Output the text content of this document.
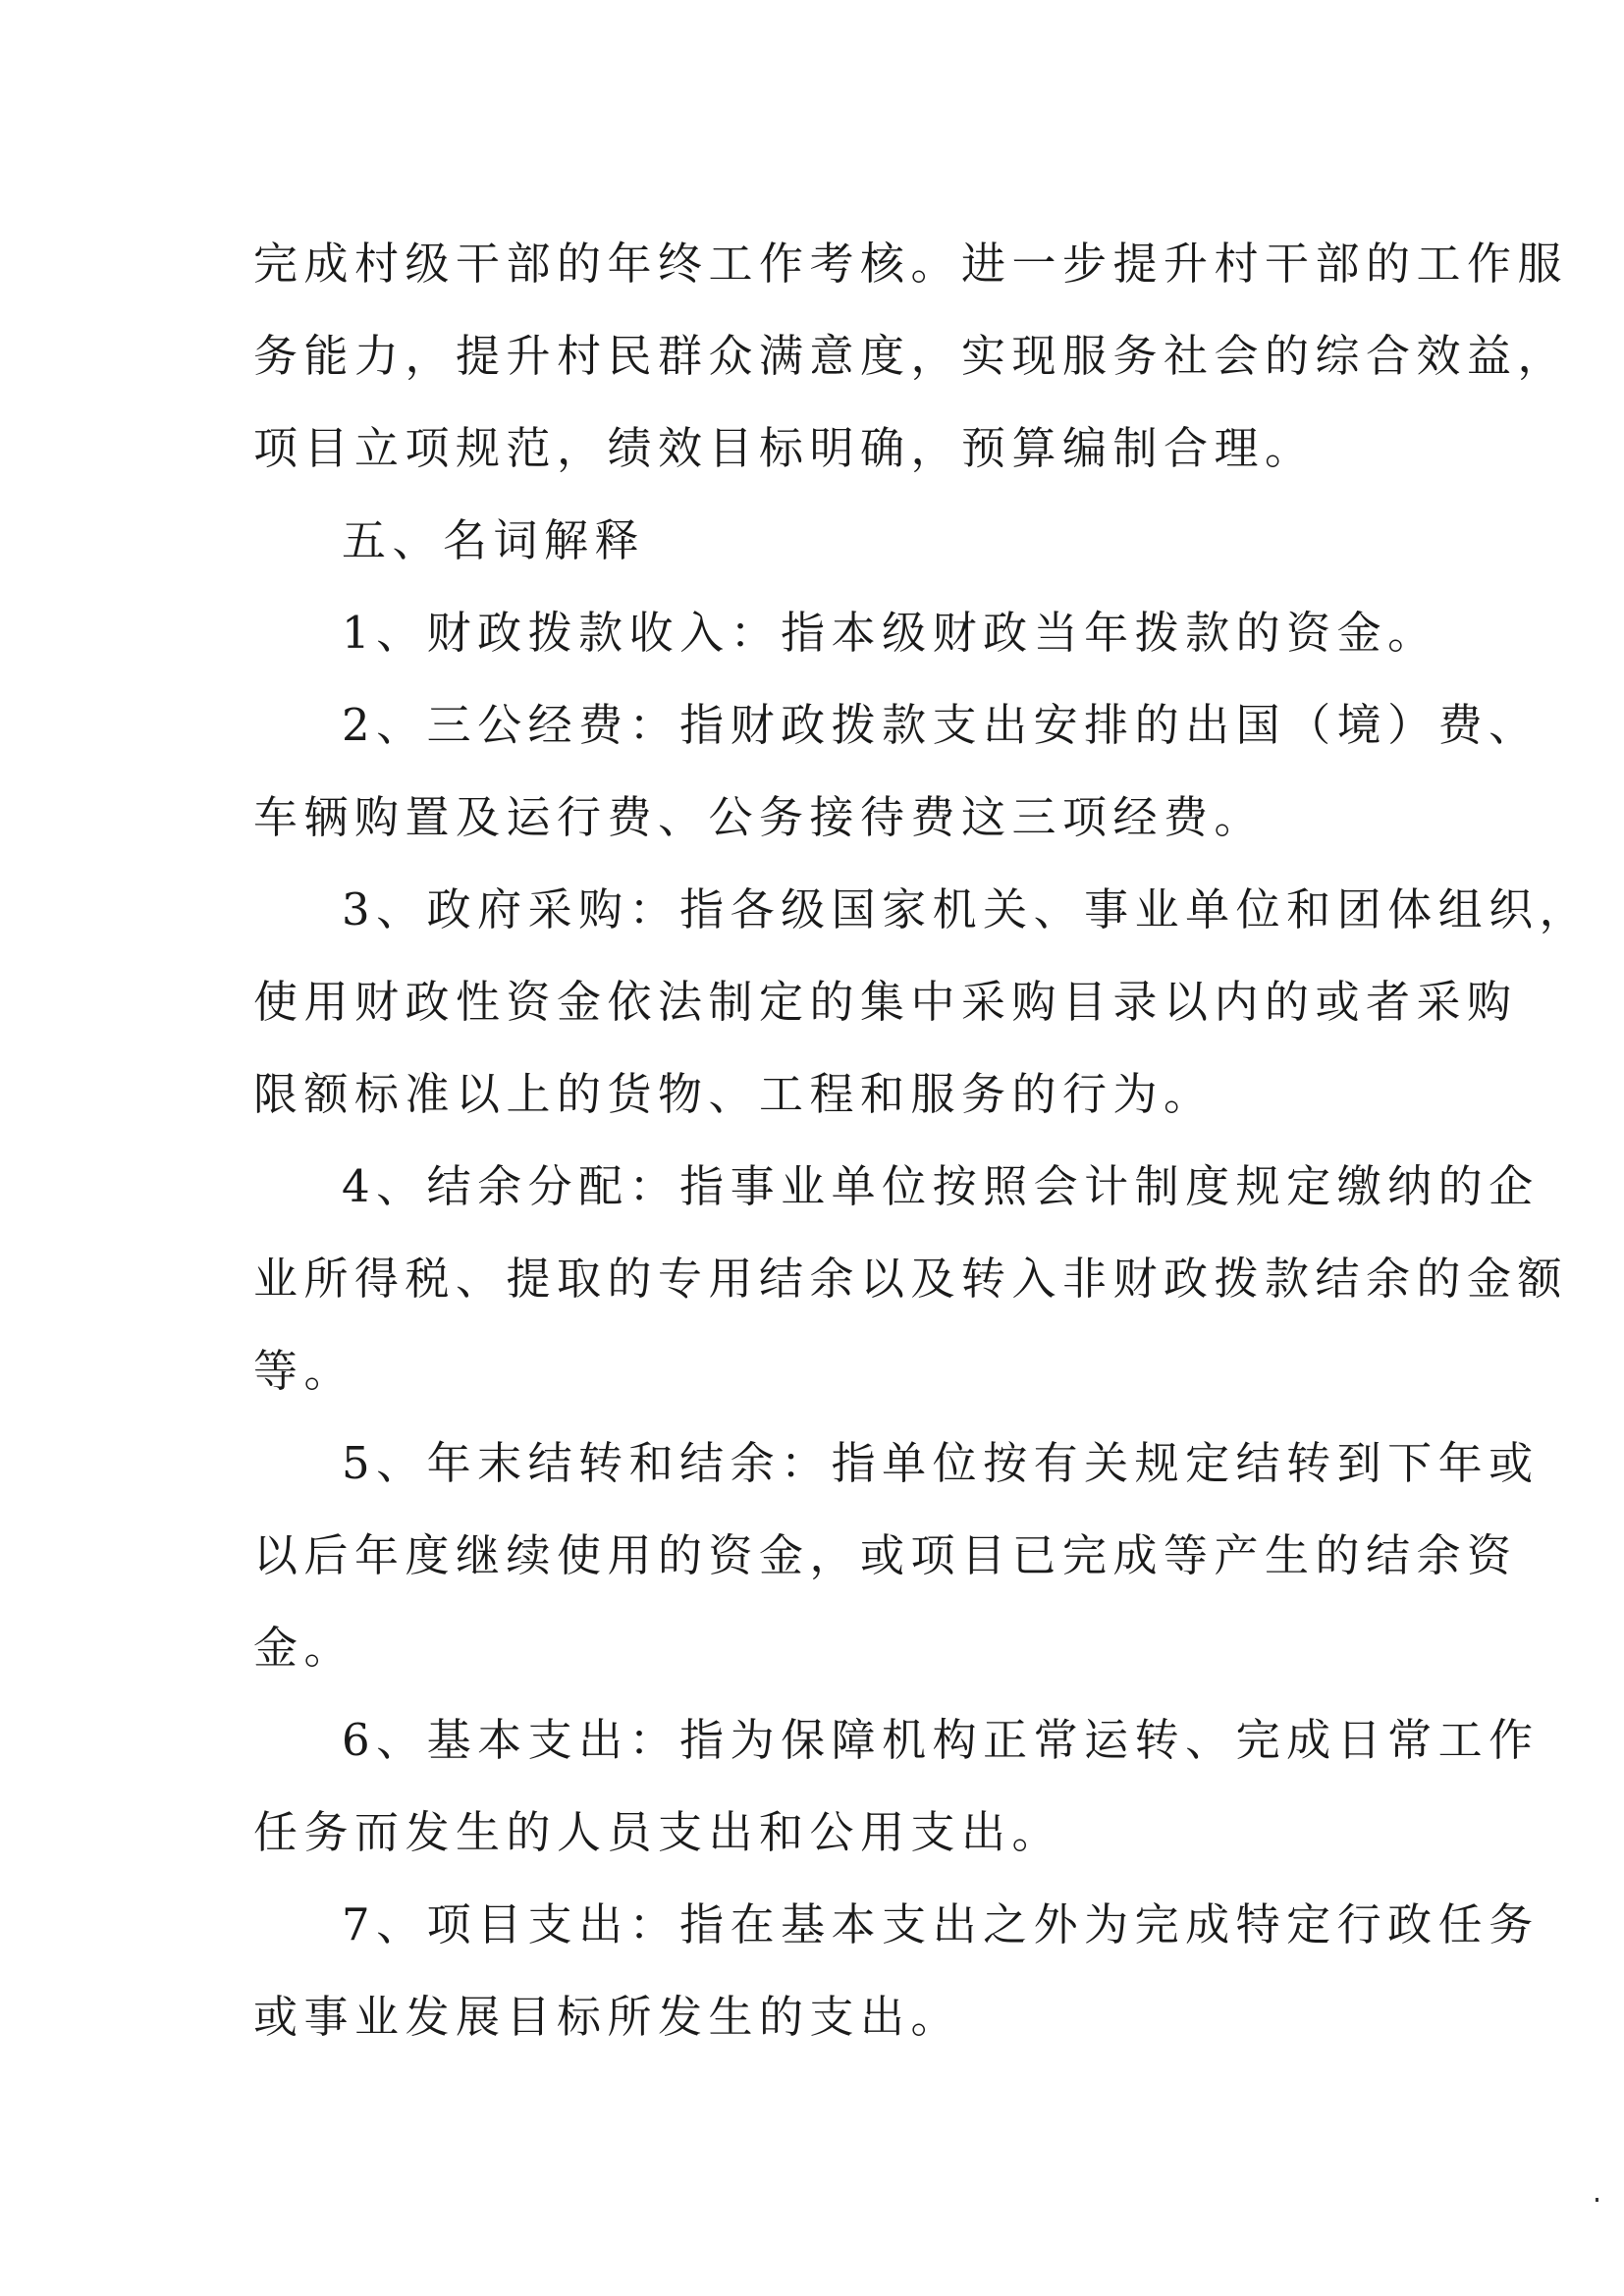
完成村级干部的年终工作考核。进一步提升村干部的工作服
务能力，提升村民群众满意度，实现服务社会的综合效益，
项目立项规范，绩效目标明确，预算编制合理。
五、名词解释
1、财政拨款收入：指本级财政当年拨款的资金。
2、三公经费：指财政拨款支出安排的出国（境）费、
车辆购置及运行费、公务接待费这三项经费。
3、政府采购：指各级国家机关、事业单位和团体组织，
使用财政性资金依法制定的集中采购目录以内的或者采购
限额标准以上的货物、工程和服务的行为。
4、结余分配：指事业单位按照会计制度规定缴纳的企
业所得税、提取的专用结余以及转入非财政拨款结余的金额
等。
5、年末结转和结余：指单位按有关规定结转到下年或
以后年度继续使用的资金，或项目已完成等产生的结余资
金。
6、基本支出：指为保障机构正常运转、完成日常工作
任务而发生的人员支出和公用支出。
7、项目支出：指在基本支出之外为完成特定行政任务
或事业发展目标所发生的支出。
